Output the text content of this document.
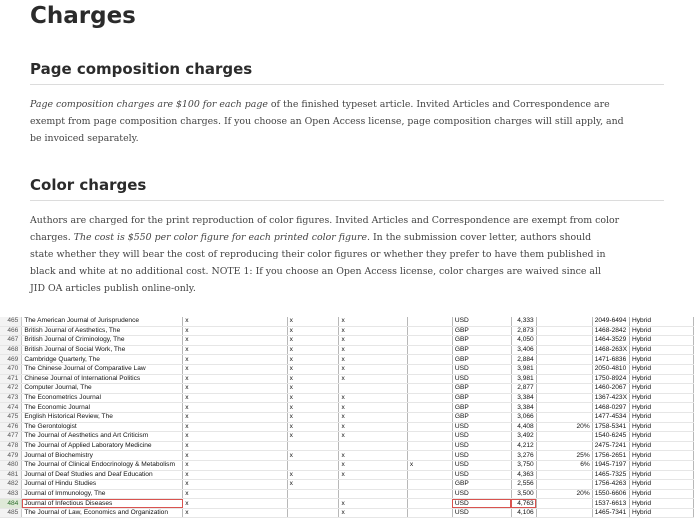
Charges
Page composition charges
Page composition charges are $100 for each page of the finished typeset article. Invited Articles and Correspondence are
exempt from page composition charges. If you choose an Open Access license, page composition charges will still apply, and
be invoiced separately.
Color charges
Authors are charged for the print reproduction of color figures. Invited Articles and Correspondence are exempt from color
charges. The cost is $550 per color figure for each printed color figure. In the submission cover letter, authors should
state whether they will bear the cost of reproducing their color figures or whether they prefer to have them published in
black and white at no additional cost. NOTE 1: If you choose an Open Access license, color charges are waived since all
JID OA articles publish online-only.
465	The American Journal of Jurisprudence	x	x	x		USD	4,333		2049-6494	Hybrid
466	British Journal of Aesthetics, The	x	x	x		GBP	2,873		1468-2842	Hybrid
467	British Journal of Criminology, The	x	x	x		GBP	4,050		1464-3529	Hybrid
468	British Journal of Social Work, The	x	x	x		GBP	3,406		1468-263X	Hybrid
469	Cambridge Quarterly, The	x	x	x		GBP	2,884		1471-6836	Hybrid
470	The Chinese Journal of Comparative Law	x	x	x		USD	3,981		2050-4810	Hybrid
471	Chinese Journal of International Politics	x	x	x		USD	3,981		1750-8924	Hybrid
472	Computer Journal, The	x	x			GBP	2,877		1460-2067	Hybrid
473	The Econometrics Journal	x	x	x		GBP	3,384		1367-423X	Hybrid
474	The Economic Journal	x	x	x		GBP	3,384		1468-0297	Hybrid
475	English Historical Review, The	x	x	x		GBP	3,066		1477-4534	Hybrid
476	The Gerontologist	x	x	x		USD	4,408	20%	1758-5341	Hybrid
477	The Journal of Aesthetics and Art Criticism	x	x	x		USD	3,492		1540-6245	Hybrid
478	The Journal of Applied Laboratory Medicine	x				USD	4,212		2475-7241	Hybrid
479	Journal of Biochemistry	x	x	x		USD	3,276	25%	1756-2651	Hybrid
480	The Journal of Clinical Endocrinology & Metabolism	x		x	x	USD	3,750	6%	1945-7197	Hybrid
481	Journal of Deaf Studies and Deaf Education	x	x	x		USD	4,363		1465-7325	Hybrid
482	Journal of Hindu Studies	x	x			GBP	2,556		1756-4263	Hybrid
483	Journal of Immunology, The	x				USD	3,500	20%	1550-6606	Hybrid
484	Journal of Infectious Diseases	x		x		USD	4,763		1537-6613	Hybrid
485	The Journal of Law, Economics and Organization	x		x		USD	4,106		1465-7341	Hybrid
